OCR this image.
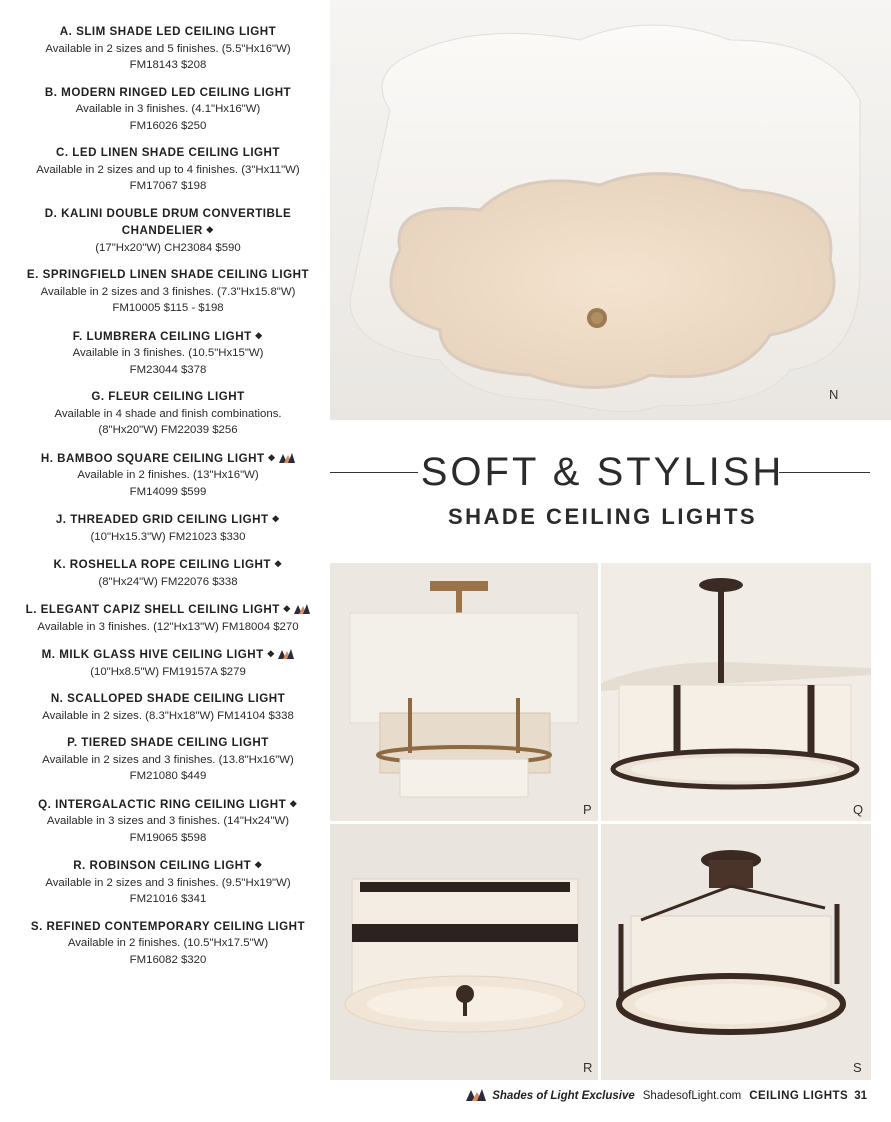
A. SLIM SHADE LED CEILING LIGHT
Available in 2 sizes and 5 finishes. (5.5"Hx16"W)
FM18143 $208
B. MODERN RINGED LED CEILING LIGHT
Available in 3 finishes. (4.1"Hx16"W)
FM16026 $250
C. LED LINEN SHADE CEILING LIGHT
Available in 2 sizes and up to 4 finishes. (3"Hx11"W)
FM17067 $198
D. KALINI DOUBLE DRUM CONVERTIBLE CHANDELIER ❖
(17"Hx20"W) CH23084 $590
E. SPRINGFIELD LINEN SHADE CEILING LIGHT
Available in 2 sizes and 3 finishes. (7.3"Hx15.8"W)
FM10005 $115 - $198
F. LUMBRERA CEILING LIGHT ❖
Available in 3 finishes. (10.5"Hx15"W)
FM23044 $378
G. FLEUR CEILING LIGHT
Available in 4 shade and finish combinations.
(8"Hx20"W) FM22039 $256
H. BAMBOO SQUARE CEILING LIGHT ❖
Available in 2 finishes. (13"Hx16"W)
FM14099 $599
J. THREADED GRID CEILING LIGHT ❖
(10"Hx15.3"W) FM21023 $330
K. ROSHELLA ROPE CEILING LIGHT ❖
(8"Hx24"W) FM22076 $338
L. ELEGANT CAPIZ SHELL CEILING LIGHT ❖
Available in 3 finishes. (12"Hx13"W) FM18004 $270
M. MILK GLASS HIVE CEILING LIGHT ❖
(10"Hx8.5"W) FM19157A $279
N. SCALLOPED SHADE CEILING LIGHT
Available in 2 sizes. (8.3"Hx18"W) FM14104 $338
P. TIERED SHADE CEILING LIGHT
Available in 2 sizes and 3 finishes. (13.8"Hx16"W)
FM21080 $449
Q. INTERGALACTIC RING CEILING LIGHT ❖
Available in 3 sizes and 3 finishes. (14"Hx24"W)
FM19065 $598
R. ROBINSON CEILING LIGHT ❖
Available in 2 sizes and 3 finishes. (9.5"Hx19"W)
FM21016 $341
S. REFINED CONTEMPORARY CEILING LIGHT
Available in 2 finishes. (10.5"Hx17.5"W)
FM16082 $320
N
SOFT & STYLISH
SHADE CEILING LIGHTS
P	Q
R	S
Shades of Light Exclusive ShadesofLight.com CEILING LIGHTS 31
